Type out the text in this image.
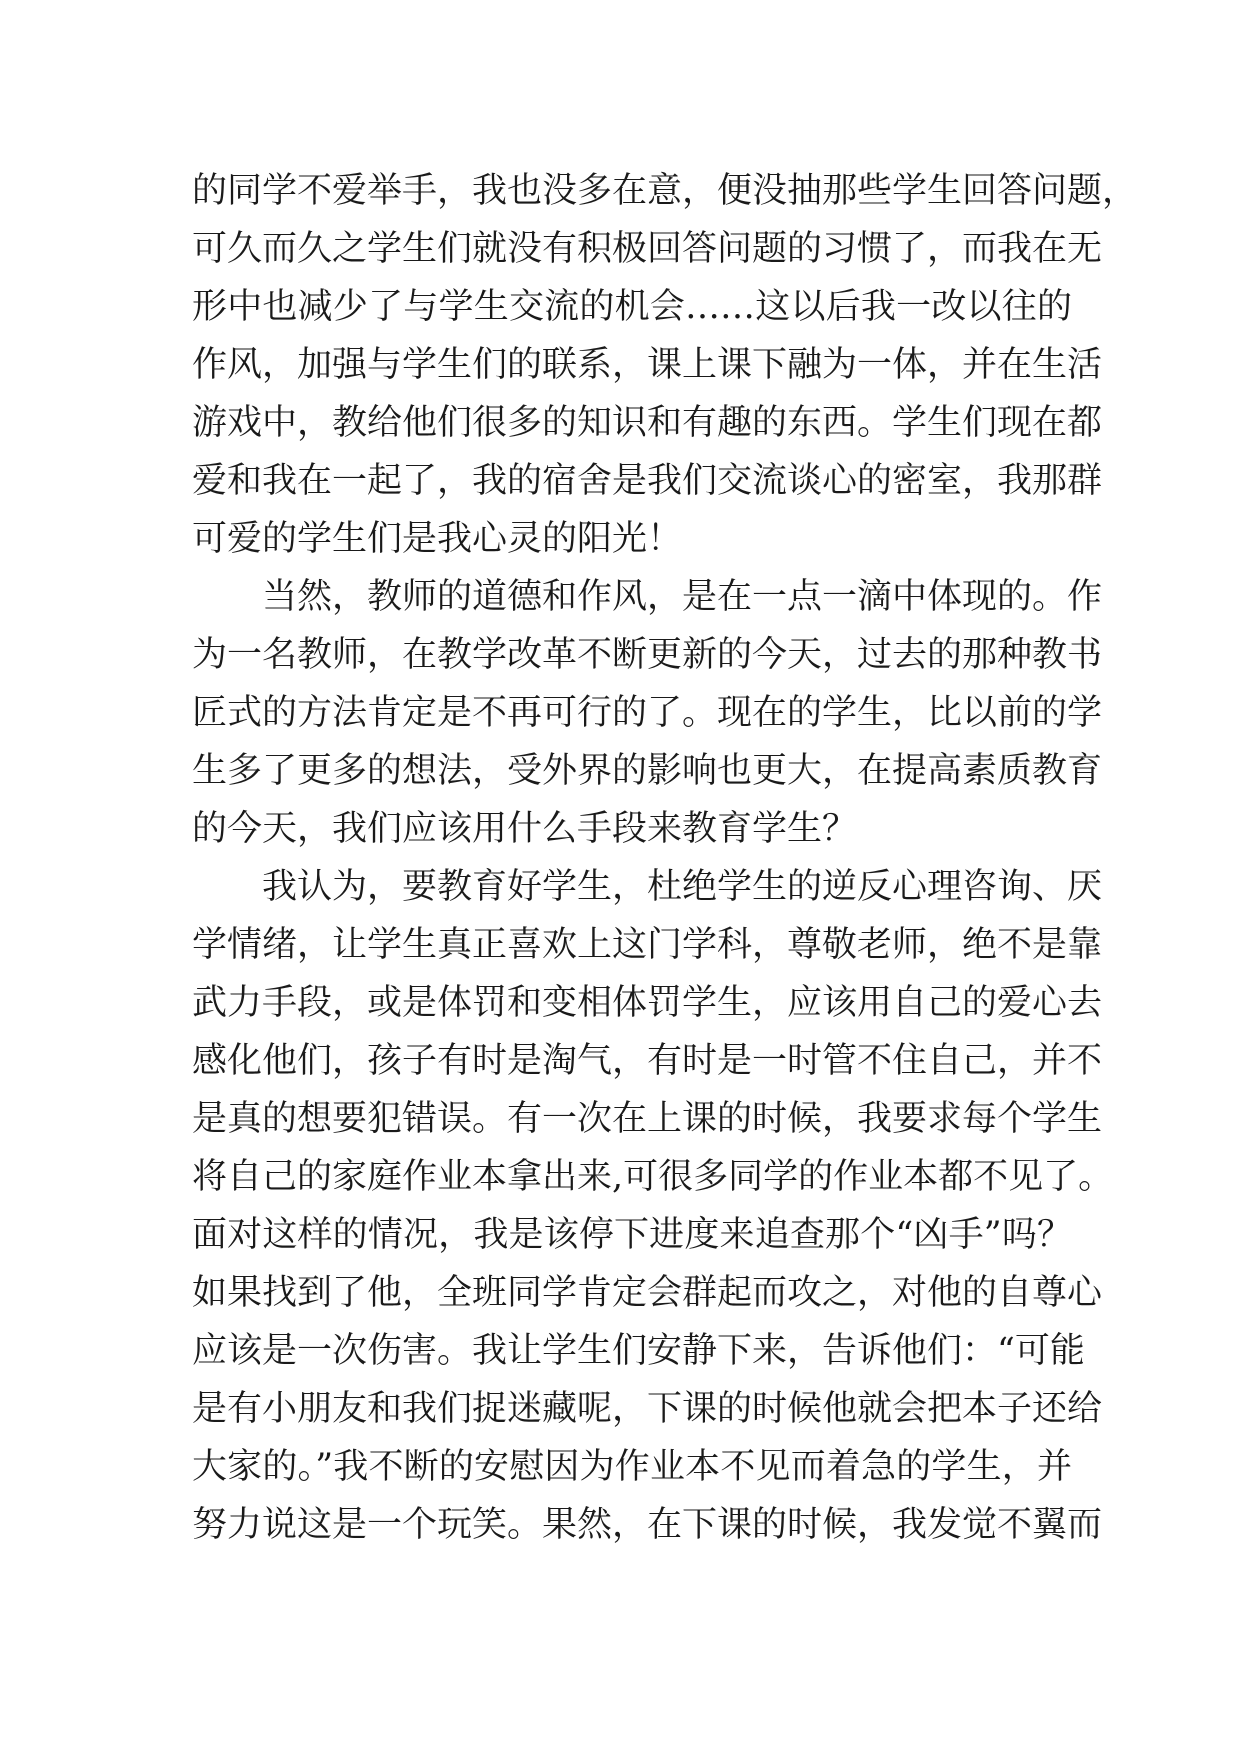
的同学不爱举手，我也没多在意，便没抽那些学生回答问题，
可久而久之学生们就没有积极回答问题的习惯了，而我在无
形中也减少了与学生交流的机会……这以后我一改以往的
作风，加强与学生们的联系，课上课下融为一体，并在生活
游戏中，教给他们很多的知识和有趣的东西。学生们现在都
爱和我在一起了，我的宿舍是我们交流谈心的密室，我那群
可爱的学生们是我心灵的阳光！
当然，教师的道德和作风，是在一点一滴中体现的。作
为一名教师，在教学改革不断更新的今天，过去的那种教书
匠式的方法肯定是不再可行的了。现在的学生，比以前的学
生多了更多的想法，受外界的影响也更大，在提高素质教育
的今天，我们应该用什么手段来教育学生？
我认为，要教育好学生，杜绝学生的逆反心理咨询、厌
学情绪，让学生真正喜欢上这门学科，尊敬老师，绝不是靠
武力手段，或是体罚和变相体罚学生，应该用自己的爱心去
感化他们，孩子有时是淘气，有时是一时管不住自己，并不
是真的想要犯错误。有一次在上课的时候，我要求每个学生
将自己的家庭作业本拿出来,可很多同学的作业本都不见了。
面对这样的情况，我是该停下进度来追查那个“凶手”吗？
如果找到了他，全班同学肯定会群起而攻之，对他的自尊心
应该是一次伤害。我让学生们安静下来，告诉他们：“可能
是有小朋友和我们捉迷藏呢，下课的时候他就会把本子还给
大家的。”我不断的安慰因为作业本不见而着急的学生，并
努力说这是一个玩笑。果然，在下课的时候，我发觉不翼而
